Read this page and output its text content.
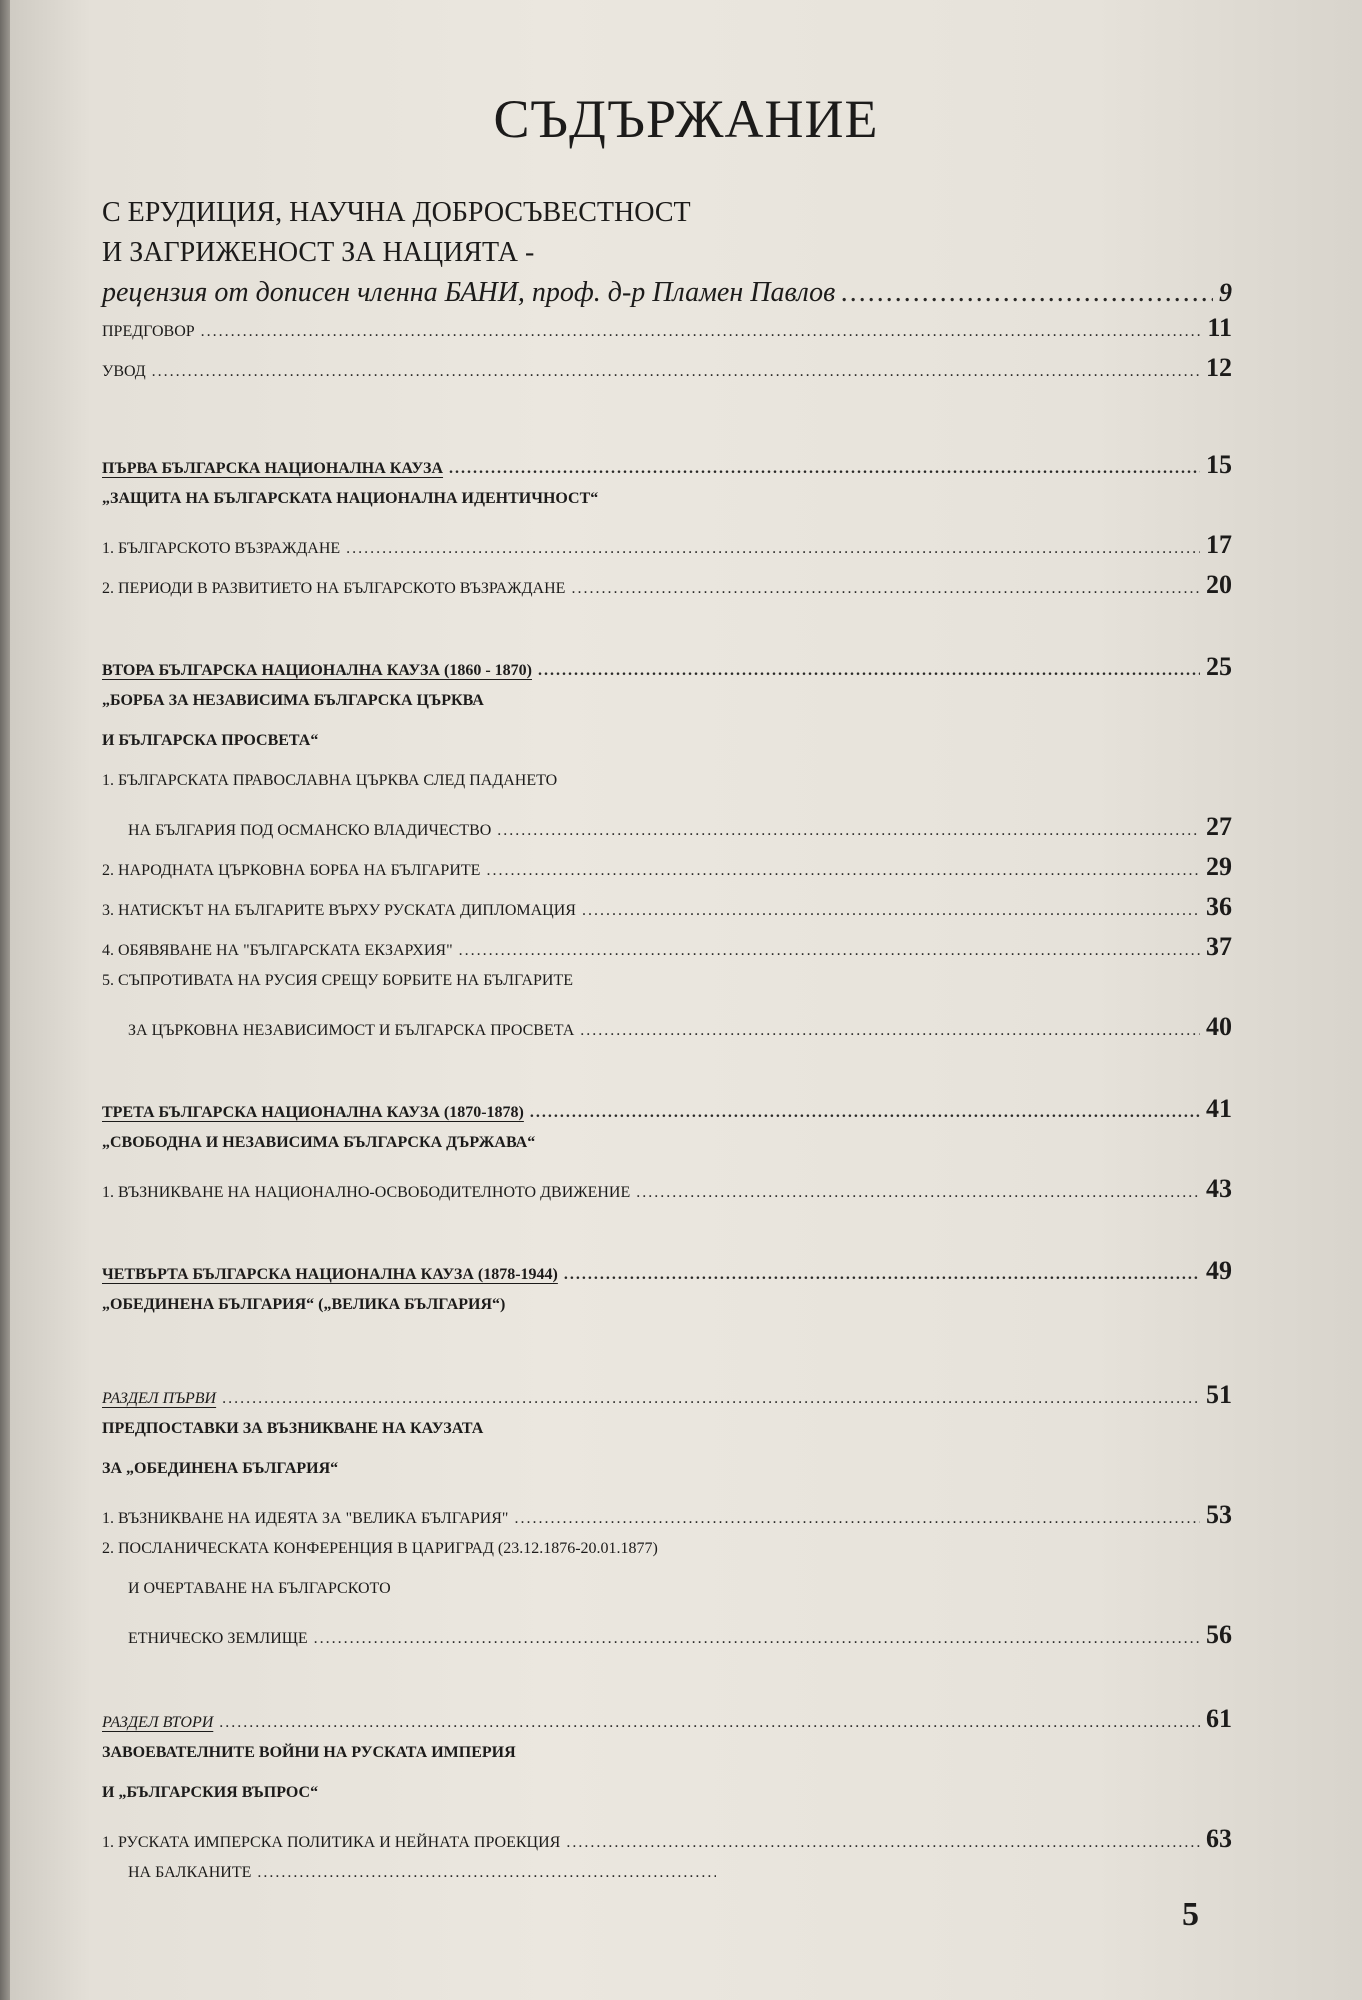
СЪДЪРЖАНИЕ
С ЕРУДИЦИЯ, НАУЧНА ДОБРОСЪВЕСТНОСТ
И ЗАГРИЖЕНОСТ ЗА НАЦИЯТА -
рецензия от дописен членна БАНИ, проф. д-р Пламен Павлов .....	9
ПРЕДГОВОР .....	11
УВОД .....	12
ПЪРВА БЪЛГАРСКА НАЦИОНАЛНА КАУЗА .....	15
„ЗАЩИТА НА БЪЛГАРСКАТА НАЦИОНАЛНА ИДЕНТИЧНОСТ“
1. БЪЛГАРСКОТО ВЪЗРАЖДАНЕ .....	17
2. ПЕРИОДИ В РАЗВИТИЕТО НА БЪЛГАРСКОТО ВЪЗРАЖДАНЕ .....	20
ВТОРА БЪЛГАРСКА НАЦИОНАЛНА КАУЗА (1860 - 1870) .....	25
„БОРБА ЗА НЕЗАВИСИМА БЪЛГАРСКА ЦЪРКВА
И БЪЛГАРСКА ПРОСВЕТА“
1. БЪЛГАРСКАТА ПРАВОСЛАВНА ЦЪРКВА СЛЕД ПАДАНЕТО
НА БЪЛГАРИЯ ПОД ОСМАНСКО ВЛАДИЧЕСТВО .....	27
2. НАРОДНАТА ЦЪРКОВНА БОРБА НА БЪЛГАРИТЕ .....	29
3. НАТИСКЪТ НА БЪЛГАРИТЕ ВЪРХУ РУСКАТА ДИПЛОМАЦИЯ .....	36
4. ОБЯВЯВАНЕ НА "БЪЛГАРСКАТА ЕКЗАРХИЯ" .....	37
5. СЪПРОТИВАТА НА РУСИЯ СРЕЩУ БОРБИТЕ НА БЪЛГАРИТЕ
ЗА ЦЪРКОВНА НЕЗАВИСИМОСТ И БЪЛГАРСКА ПРОСВЕТА .....	40
ТРЕТА БЪЛГАРСКА НАЦИОНАЛНА КАУЗА (1870-1878) .....	41
„СВОБОДНА И НЕЗАВИСИМА БЪЛГАРСКА ДЪРЖАВА“
1. ВЪЗНИКВАНЕ НА НАЦИОНАЛНО-ОСВОБОДИТЕЛНОТО ДВИЖЕНИЕ .....	43
ЧЕТВЪРТА БЪЛГАРСКА НАЦИОНАЛНА КАУЗА (1878-1944) .....	49
„ОБЕДИНЕНА БЪЛГАРИЯ“ („ВЕЛИКА БЪЛГАРИЯ“)
РАЗДЕЛ ПЪРВИ .....	51
ПРЕДПОСТАВКИ ЗА ВЪЗНИКВАНЕ НА КАУЗАТА
ЗА „ОБЕДИНЕНА БЪЛГАРИЯ“
1. ВЪЗНИКВАНЕ НА ИДЕЯТА ЗА "ВЕЛИКА БЪЛГАРИЯ" .....	53
2. ПОСЛАНИЧЕСКАТА КОНФЕРЕНЦИЯ В ЦАРИГРАД (23.12.1876-20.01.1877)
И ОЧЕРТАВАНЕ НА БЪЛГАРСКОТО
ЕТНИЧЕСКО ЗЕМЛИЩЕ .....	56
РАЗДЕЛ ВТОРИ .....	61
ЗАВОЕВАТЕЛНИТЕ ВОЙНИ НА РУСКАТА ИМПЕРИЯ
И „БЪЛГАРСКИЯ ВЪПРОС“
1. РУСКАТА ИМПЕРСКА ПОЛИТИКА И НЕЙНАТА ПРОЕКЦИЯ .....	63
НА БАЛКАНИТЕ
.....
5
